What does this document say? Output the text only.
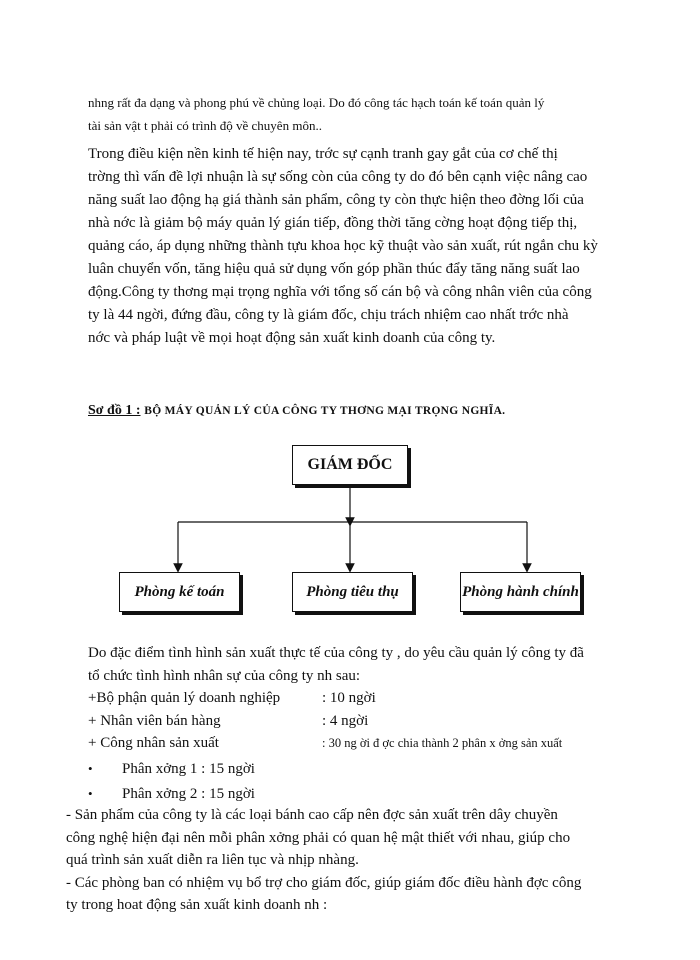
nhng rất đa dạng và phong phú về chủng loại. Do đó công tác hạch toán kế toán quản lý
tài sản vật t phải có trình độ về chuyên môn..
Trong điều kiện nền kinh tế hiện nay, trớc sự cạnh tranh gay gắt của cơ chế thị
trờng thì vấn đề lợi nhuận là sự sống còn của công ty do đó bên cạnh việc nâng cao
năng suất lao động hạ giá thành sản phẩm, công ty còn thực hiện theo đờng lối của
nhà nớc là giảm bộ máy quản lý gián tiếp, đồng thời tăng cờng hoạt động tiếp thị,
quảng cáo, áp dụng những thành tựu khoa học kỹ thuật vào sản xuất, rút ngắn chu kỳ
luân chuyển vốn, tăng hiệu quả sử dụng vốn góp phần thúc đẩy tăng năng suất lao
động.Công ty thơng mại trọng nghĩa với tổng số cán bộ và công nhân viên của công
ty là 44 ngời, đứng đầu, công ty là giám đốc, chịu trách nhiệm cao nhất trớc nhà
nớc và pháp luật về mọi hoạt động sản xuất kinh doanh của công ty.
Sơ đồ 1 : BỘ MÁY QUẢN LÝ CỦA CÔNG TY THƠNG MẠI TRỌNG NGHĨA.
GIÁM ĐỐC
Phòng kế toán	Phòng tiêu thụ	Phòng hành chính
Do đặc điểm tình hình sản xuất thực tế của công ty , do yêu cầu quản lý công ty đã
tổ chức tình hình nhân sự của công ty nh sau:
+Bộ phận quản lý doanh nghiệp	: 10 ngời
+ Nhân viên bán hàng	: 4 ngời
+ Công nhân sản xuất	: 30 ng ời đ ợc chia thành 2 phân x ởng sản xuất
• Phân xởng 1 : 15 ngời
• Phân xởng 2 : 15 ngời
- Sản phẩm của công ty là các loại bánh cao cấp nên đợc sản xuất trên dây chuyền
công nghệ hiện đại nên mỗi phân xởng phải có quan hệ mật thiết với nhau, giúp cho
quá trình sản xuất diễn ra liên tục và nhịp nhàng.
- Các phòng ban có nhiệm vụ bổ trợ cho giám đốc, giúp giám đốc điều hành đợc công
ty trong hoat động sản xuất kinh doanh nh :
